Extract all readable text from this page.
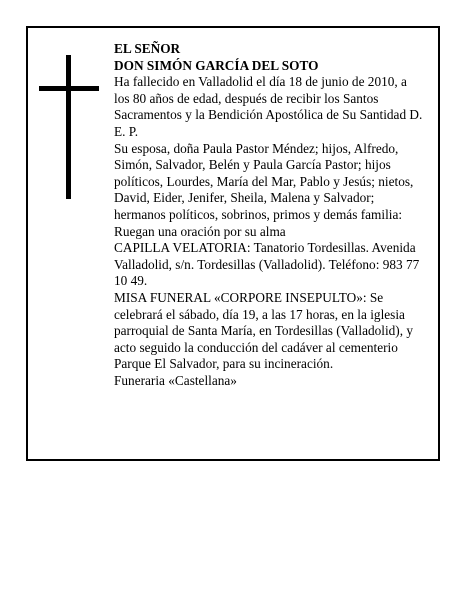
EL SEÑOR

DON SIMÓN GARCÍA DEL SOTO

Ha fallecido en Valladolid el día 18 de junio de 2010, a los 80 años de edad, después de recibir los Santos Sacramentos y la Bendición Apostólica de Su Santidad D. E. P.

Su esposa, doña Paula Pastor Méndez; hijos, Alfredo, Simón, Salvador, Belén y Paula García Pastor; hijos políticos, Lourdes, María del Mar, Pablo y Jesús; nietos, David, Eider, Jenifer, Sheila, Malena y Salvador; hermanos políticos, sobrinos, primos y demás familia:

Ruegan una oración por su alma

CAPILLA VELATORIA: Tanatorio Tordesillas. Avenida Valladolid, s/n. Tordesillas (Valladolid). Teléfono: 983 77 10 49.

MISA FUNERAL «CORPORE INSEPULTO»: Se celebrará el sábado, día 19, a las 17 horas, en la iglesia parroquial de Santa María, en Tordesillas (Valladolid), y acto seguido la conducción del cadáver al cementerio Parque El Salvador, para su incineración.

Funeraria «Castellana»
